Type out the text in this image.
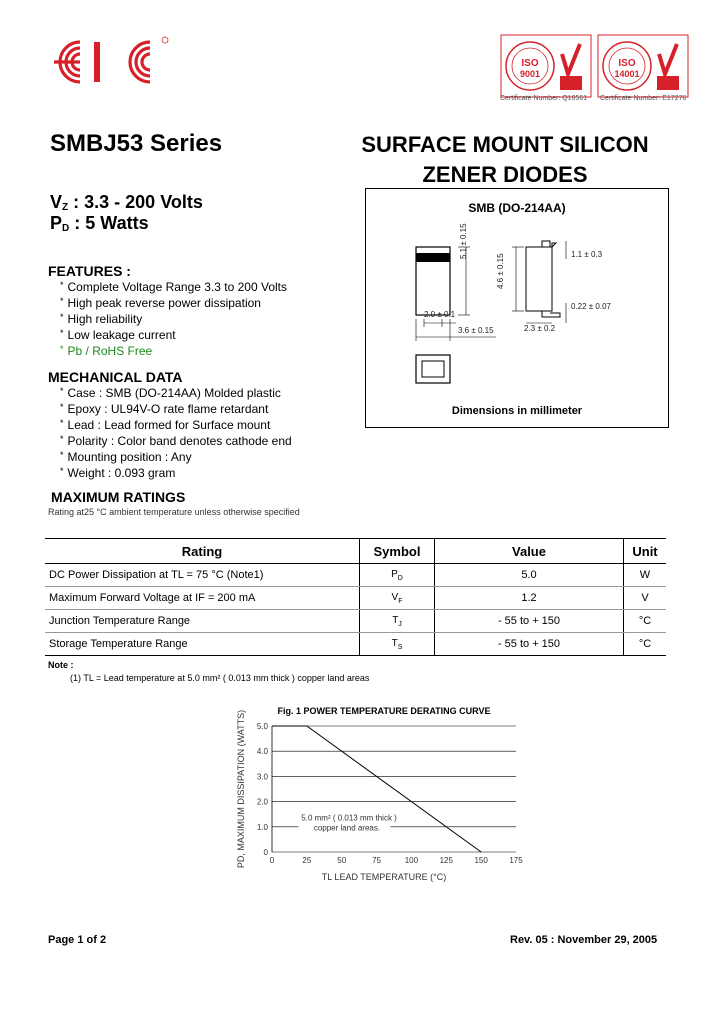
ISO
9001
Certificate Number: Q10561
ISO
14001
Certificate Number: E17276
SMBJ53 Series	SURFACE MOUNT SILICON
ZENER DIODES
$V_Z$ : 3.3 - 200 Volts
$P_D$ : 5 Watts
FEATURES :
* Complete Voltage Range 3.3 to 200 Volts
* High peak reverse power dissipation
* High reliability
* Low leakage current
* Pb / RoHS Free
MECHANICAL DATA
* Case : SMB (DO-214AA) Molded plastic
* Epoxy : UL94V-O rate flame retardant
* Lead : Lead formed for Surface mount
* Polarity : Color band denotes cathode end
* Mounting position : Any
* Weight : 0.093 gram
SMB (DO-214AA)
5.1 ± 0.15
4.6 ± 0.15	1.1 ± 0.3
0.22 ± 0.07
2.0 ± 0.1
3.6 ± 0.15	2.3 ± 0.2
Dimensions in millimeter
MAXIMUM RATINGS
Rating at25 °C ambient temperature unless otherwise specified
Rating	Symbol	Value	Unit
DC Power Dissipation at TL = 75 °C (Note1)	$P_D$	5.0	W
Maximum Forward Voltage at IF = 200 mA	$V_F$	1.2	V
Junction Temperature Range	$T_J$	- 55 to + 150	°C
Storage Temperature Range	$T_S$	- 55 to + 150	°C
Note :
(1) TL = Lead temperature at 5.0 mm² ( 0.013 mm thick ) copper land areas
Fig. 1 POWER TEMPERATURE DERATING CURVE
0
1.0
2.0
3.0
4.0
5.0
0	25	50	75	100	125	150	175
TL LEAD TEMPERATURE (°C)
PD, MAXIMUM DISSIPATION (WATTS)	5.0 mm² ( 0.013 mm thick )
copper land areas.
Page 1 of 2	Rev. 05 : November 29, 2005
